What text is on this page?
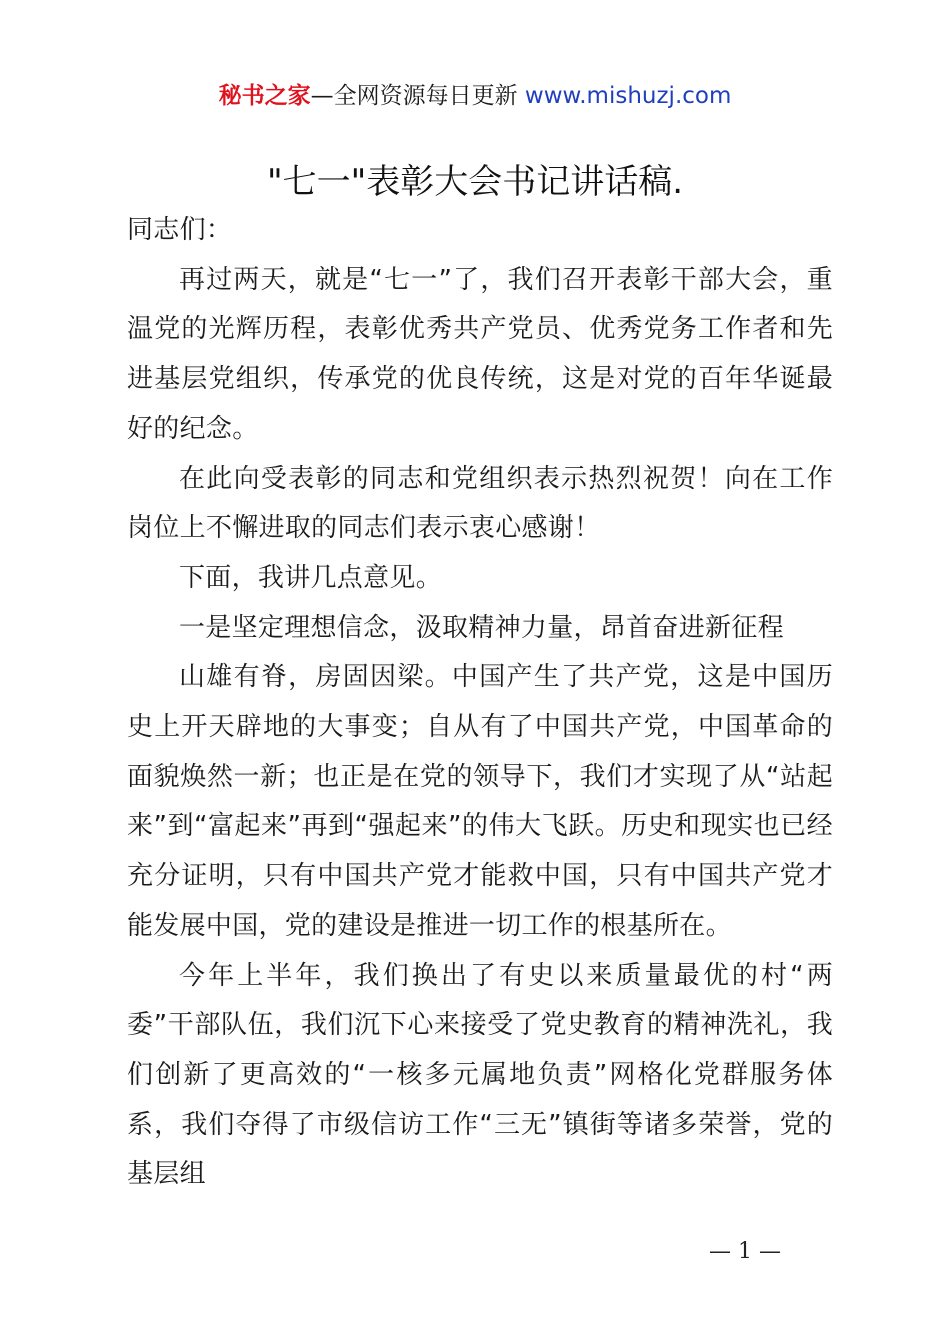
秘书之家—全网资源每日更新 www.mishuzj.com
"七一"表彰大会书记讲话稿.

同志们：

再过两天，就是“七一”了，我们召开表彰干部大会，重温党的光辉历程，表彰优秀共产党员、优秀党务工作者和先进基层党组织，传承党的优良传统，这是对党的百年华诞最好的纪念。

在此向受表彰的同志和党组织表示热烈祝贺！向在工作岗位上不懈进取的同志们表示衷心感谢！

下面，我讲几点意见。

一是坚定理想信念，汲取精神力量，昂首奋进新征程

山雄有脊，房固因梁。中国产生了共产党，这是中国历史上开天辟地的大事变；自从有了中国共产党，中国革命的面貌焕然一新；也正是在党的领导下，我们才实现了从“站起来”到“富起来”再到“强起来”的伟大飞跃。历史和现实也已经充分证明，只有中国共产党才能救中国，只有中国共产党才能发展中国，党的建设是推进一切工作的根基所在。

今年上半年，我们换出了有史以来质量最优的村“两委”干部队伍，我们沉下心来接受了党史教育的精神洗礼，我们创新了更高效的“一核多元属地负责”网格化党群服务体系，我们夺得了市级信访工作“三无”镇街等诸多荣誉，党的基层组

— 1 —
